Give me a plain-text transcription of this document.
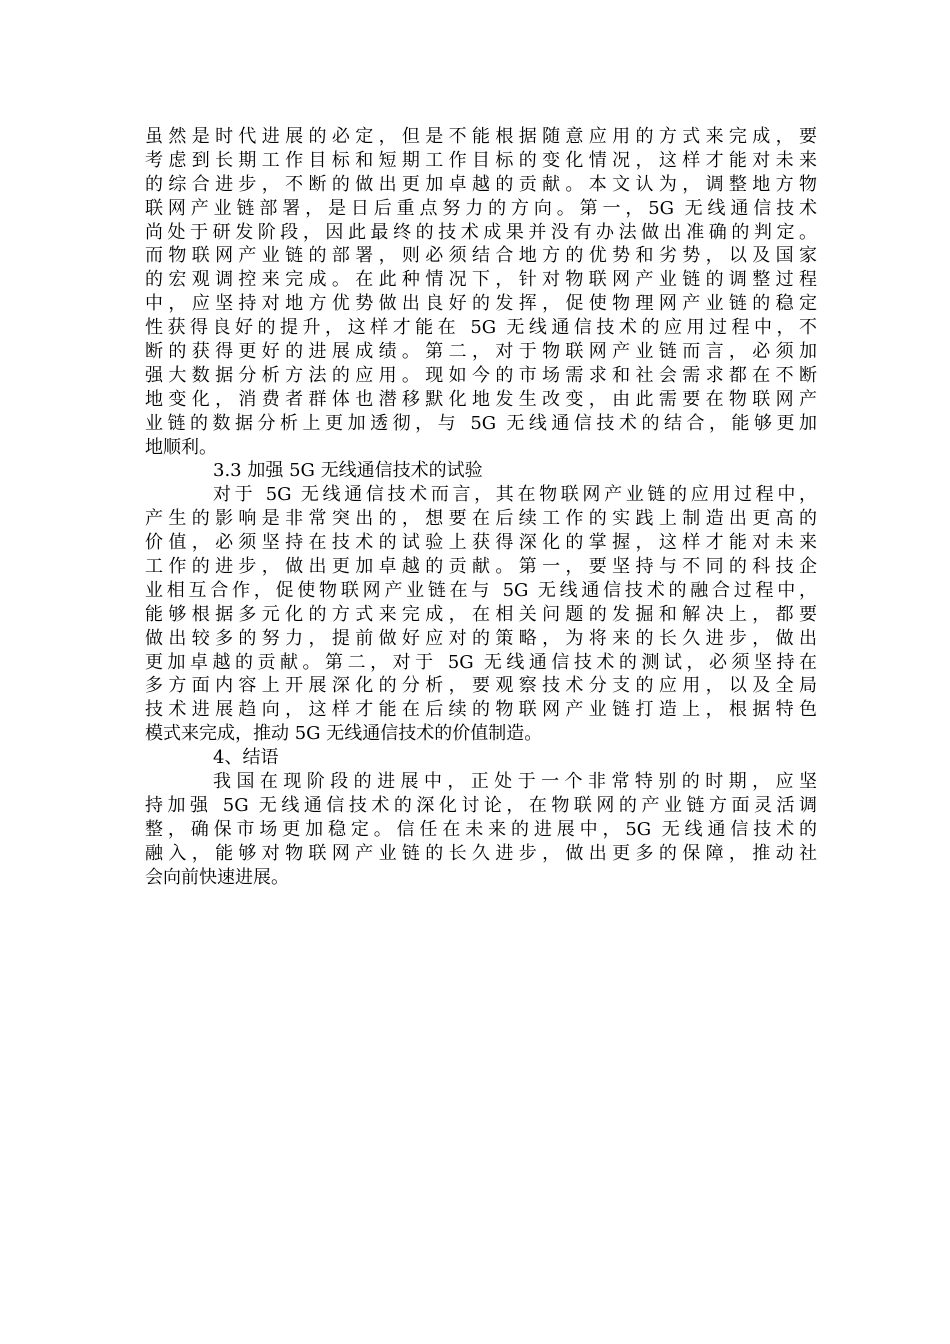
虽然是时代进展的必定，但是不能根据随意应用的方式来完成，要
考虑到长期工作目标和短期工作目标的变化情况，这样才能对未来
的综合进步，不断的做出更加卓越的贡献。本文认为，调整地方物
联网产业链部署，是日后重点努力的方向。第一，5G 无线通信技术
尚处于研发阶段，因此最终的技术成果并没有办法做出准确的判定。
而物联网产业链的部署，则必须结合地方的优势和劣势，以及国家
的宏观调控来完成。在此种情况下，针对物联网产业链的调整过程
中，应坚持对地方优势做出良好的发挥，促使物理网产业链的稳定
性获得良好的提升，这样才能在 5G 无线通信技术的应用过程中，不
断的获得更好的进展成绩。第二，对于物联网产业链而言，必须加
强大数据分析方法的应用。现如今的市场需求和社会需求都在不断
地变化，消费者群体也潜移默化地发生改变，由此需要在物联网产
业链的数据分析上更加透彻，与 5G 无线通信技术的结合，能够更加
地顺利。
3.3 加强 5G 无线通信技术的试验
对于 5G 无线通信技术而言，其在物联网产业链的应用过程中，
产生的影响是非常突出的，想要在后续工作的实践上制造出更高的
价值，必须坚持在技术的试验上获得深化的掌握，这样才能对未来
工作的进步，做出更加卓越的贡献。第一，要坚持与不同的科技企
业相互合作，促使物联网产业链在与 5G 无线通信技术的融合过程中，
能够根据多元化的方式来完成，在相关问题的发掘和解决上，都要
做出较多的努力，提前做好应对的策略，为将来的长久进步，做出
更加卓越的贡献。第二，对于 5G 无线通信技术的测试，必须坚持在
多方面内容上开展深化的分析，要观察技术分支的应用，以及全局
技术进展趋向，这样才能在后续的物联网产业链打造上，根据特色
模式来完成，推动 5G 无线通信技术的价值制造。
4、结语
我国在现阶段的进展中，正处于一个非常特别的时期，应坚
持加强 5G 无线通信技术的深化讨论，在物联网的产业链方面灵活调
整，确保市场更加稳定。信任在未来的进展中，5G 无线通信技术的
融入，能够对物联网产业链的长久进步，做出更多的保障，推动社
会向前快速进展。
